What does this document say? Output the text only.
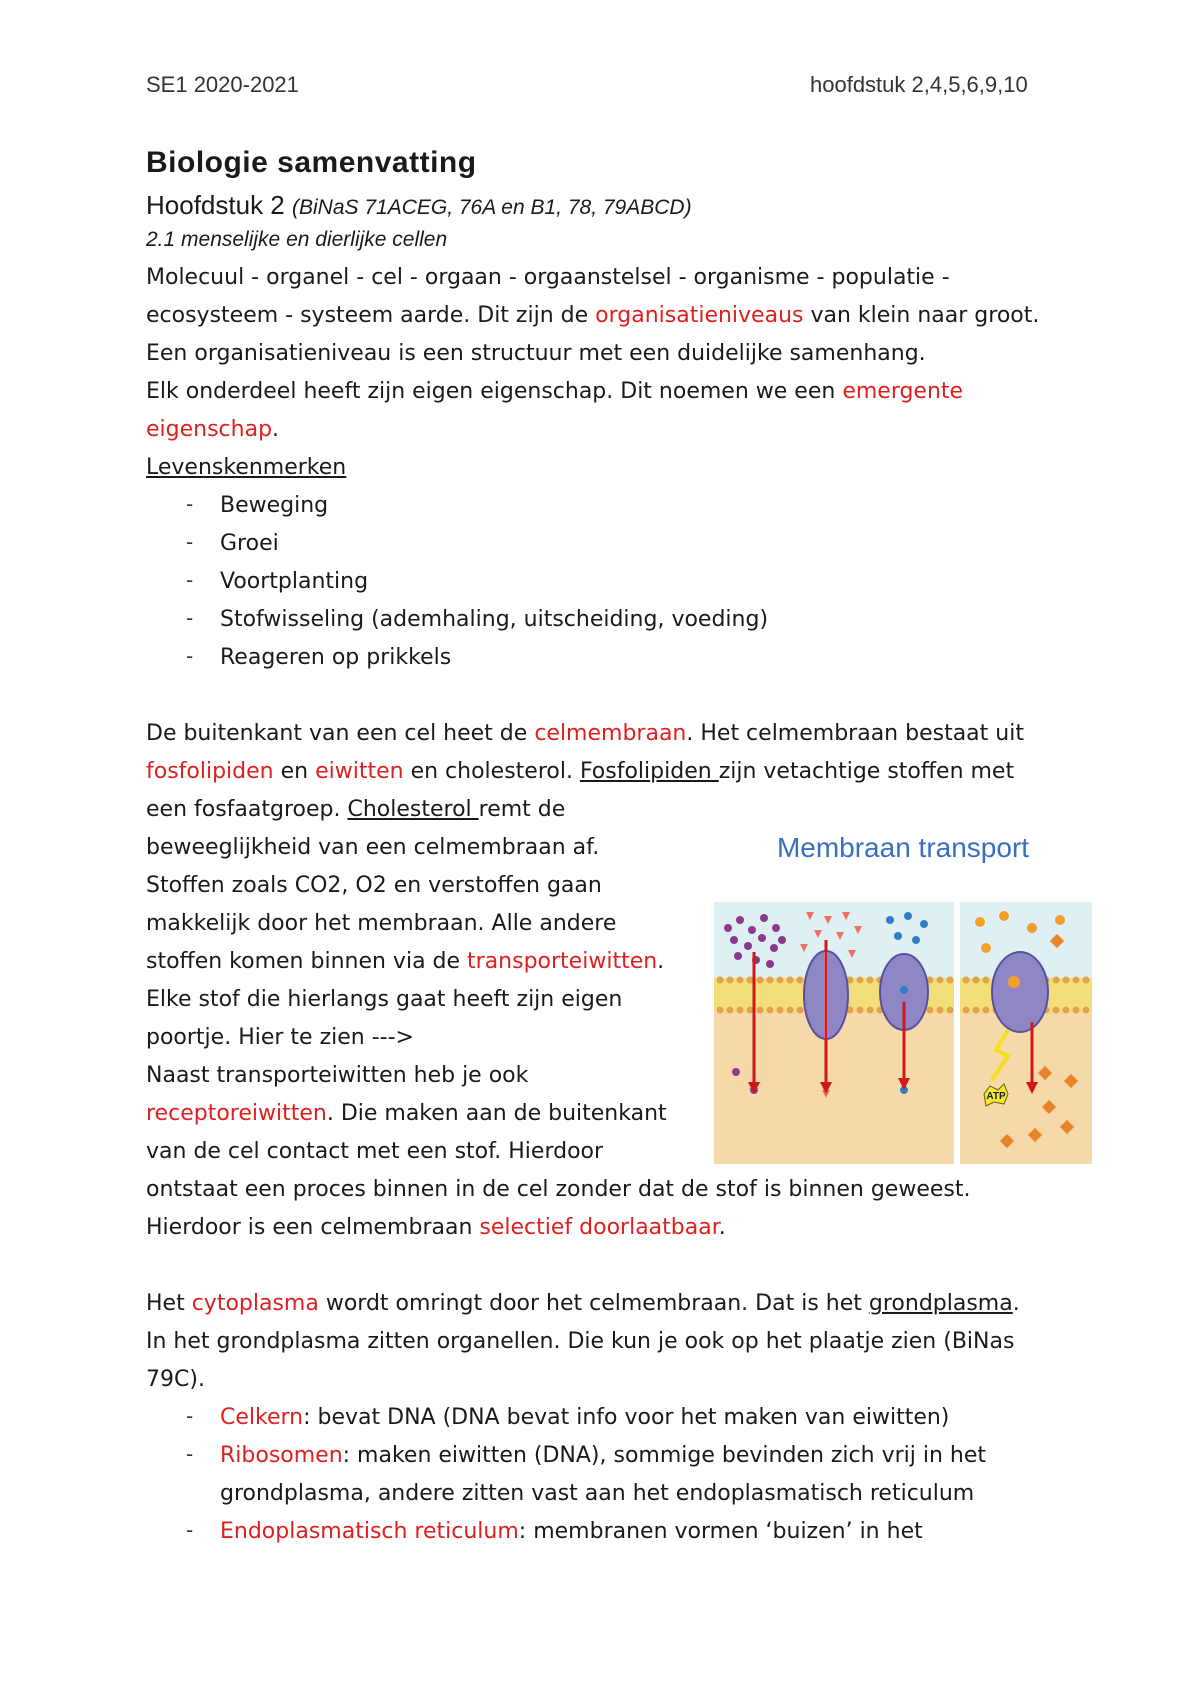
SE1 2020-2021	hoofdstuk 2,4,5,6,9,10
Biologie samenvatting
Hoofdstuk 2 (BiNaS 71ACEG, 76A en B1, 78, 79ABCD)
2.1 menselijke en dierlijke cellen
Molecuul - organel - cel - orgaan - orgaanstelsel - organisme - populatie -
ecosysteem - systeem aarde. Dit zijn de organisatieniveaus van klein naar groot.
Een organisatieniveau is een structuur met een duidelijke samenhang.
Elk onderdeel heeft zijn eigen eigenschap. Dit noemen we een emergente
eigenschap.
Levenskenmerken
- Beweging
- Groei
- Voortplanting
- Stofwisseling (ademhaling, uitscheiding, voeding)
- Reageren op prikkels
De buitenkant van een cel heet de celmembraan. Het celmembraan bestaat uit
fosfolipiden en eiwitten en cholesterol. Fosfolipiden zijn vetachtige stoffen met
een fosfaatgroep. Cholesterol remt de
beweeglijkheid van een celmembraan af.
Stoffen zoals CO2, O2 en verstoffen gaan
makkelijk door het membraan. Alle andere
stoffen komen binnen via de transporteiwitten.
Elke stof die hierlangs gaat heeft zijn eigen
poortje. Hier te zien --->
Naast transporteiwitten heb je ook
receptoreiwitten. Die maken aan de buitenkant
van de cel contact met een stof. Hierdoor
ontstaat een proces binnen in de cel zonder dat de stof is binnen geweest.
Hierdoor is een celmembraan selectief doorlaatbaar.
Het cytoplasma wordt omringt door het celmembraan. Dat is het grondplasma.
In het grondplasma zitten organellen. Die kun je ook op het plaatje zien (BiNas
79C).
- Celkern: bevat DNA (DNA bevat info voor het maken van eiwitten)
- Ribosomen: maken eiwitten (DNA), sommige bevinden zich vrij in het
grondplasma, andere zitten vast aan het endoplasmatisch reticulum
- Endoplasmatisch reticulum: membranen vormen ‘buizen’ in het
Membraan transport
ATP
